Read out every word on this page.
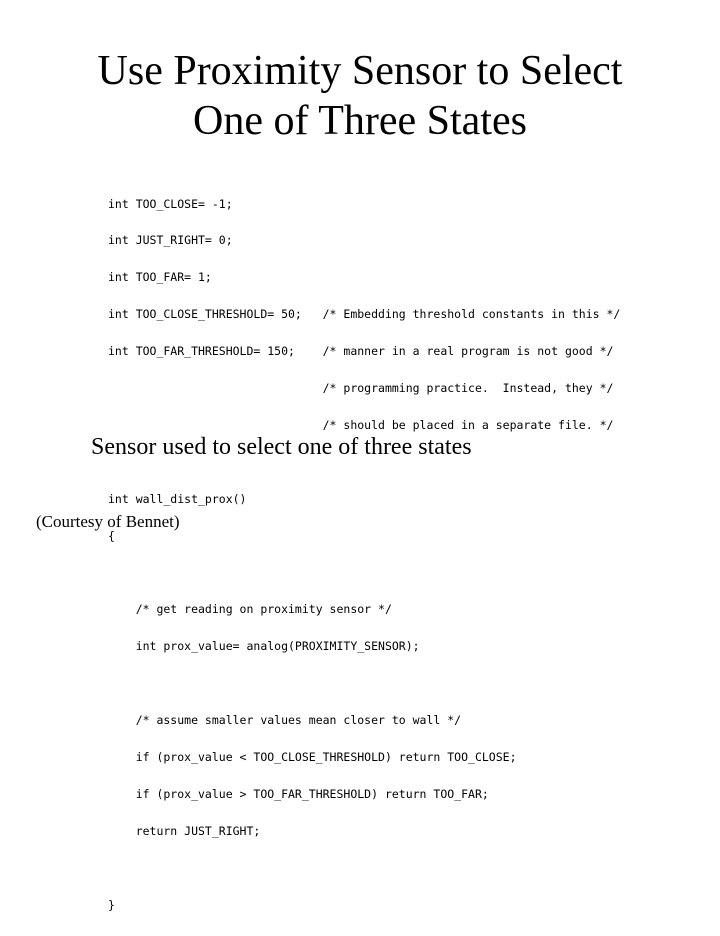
Use Proximity Sensor to Select
One of Three States

int TOO_CLOSE= -1;

int JUST_RIGHT= 0;

int TOO_FAR= 1;

int TOO_CLOSE_THRESHOLD= 50;   /* Embedding threshold constants in this */

int TOO_FAR_THRESHOLD= 150;    /* manner in a real program is not good */

/* programming practice.  Instead, they */

/* should be placed in a separate file. */

int wall_dist_prox()

{

/* get reading on proximity sensor */

int prox_value= analog(PROXIMITY_SENSOR);

/* assume smaller values mean closer to wall */

if (prox_value < TOO_CLOSE_THRESHOLD) return TOO_CLOSE;

if (prox_value > TOO_FAR_THRESHOLD) return TOO_FAR;

return JUST_RIGHT;

}

Sensor used to select one of three states
(Courtesy of Bennet)
